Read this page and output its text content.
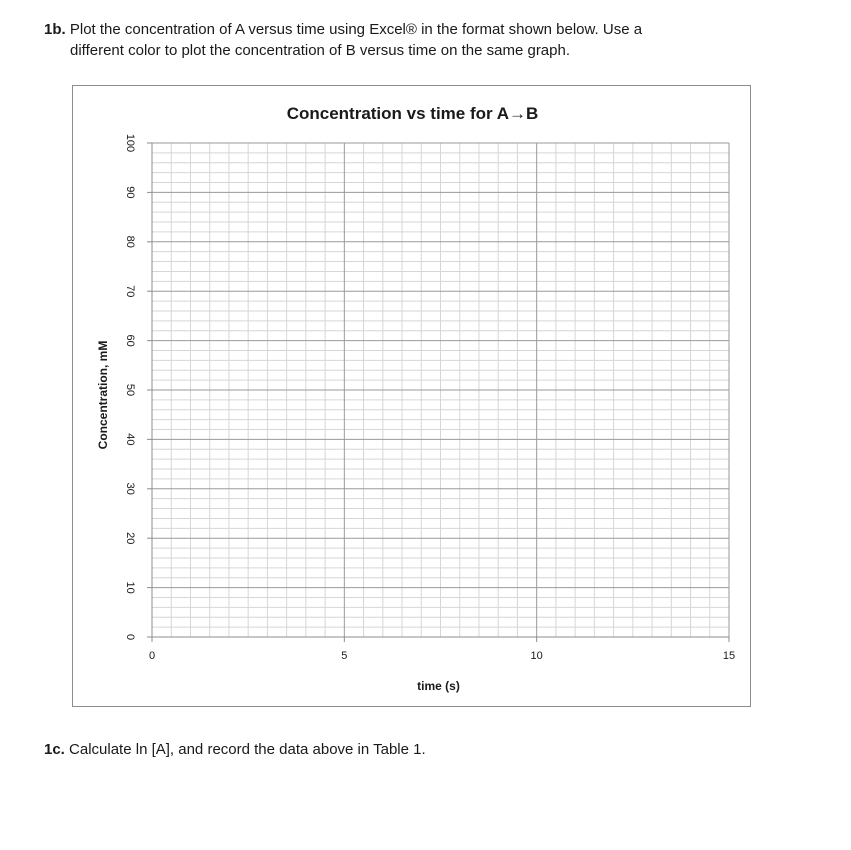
1b. Plot the concentration of A versus time using Excel® in the format shown below. Use a
different color to plot the concentration of B versus time on the same graph.

Concentration vs time for A→B

0	5	10	15
0
10
20
30
40
50
60
70
80
90
100
time (s)
Concentration, mM

1c. Calculate ln [A], and record the data above in Table 1.
